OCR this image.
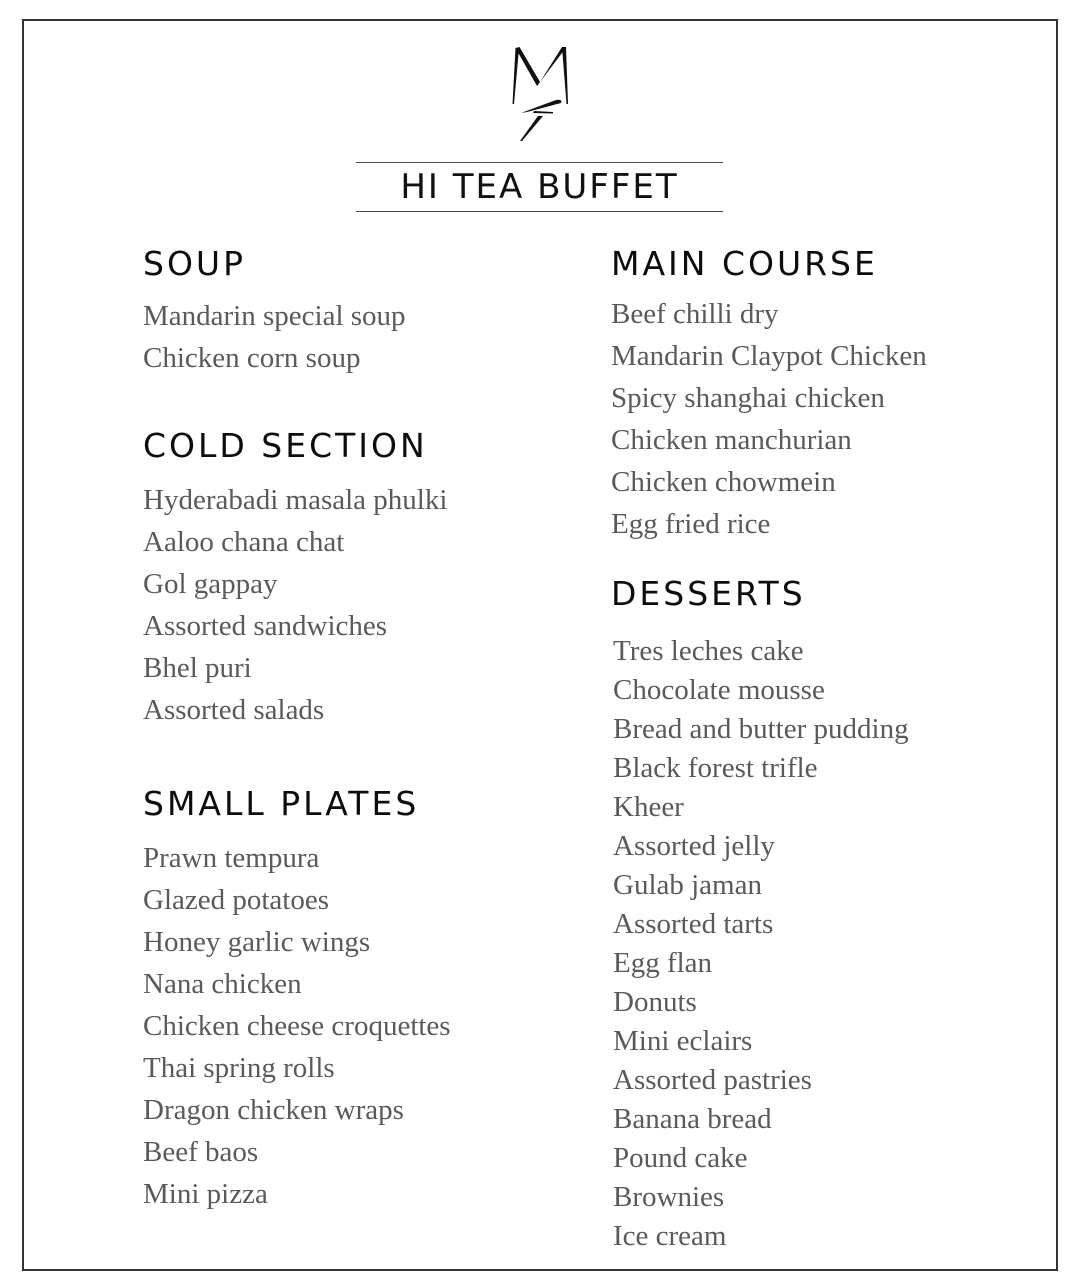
HI TEA BUFFET
SOUP
Mandarin special soup
Chicken corn soup
COLD SECTION
Hyderabadi masala phulki
Aaloo chana chat
Gol gappay
Assorted sandwiches
Bhel puri
Assorted salads
SMALL PLATES
Prawn tempura
Glazed potatoes
Honey garlic wings
Nana chicken
Chicken cheese croquettes
Thai spring rolls
Dragon chicken wraps
Beef baos
Mini pizza
MAIN COURSE
Beef chilli dry
Mandarin Claypot Chicken
Spicy shanghai chicken
Chicken manchurian
Chicken chowmein
Egg fried rice
DESSERTS
Tres leches cake
Chocolate mousse
Bread and butter pudding
Black forest trifle
Kheer
Assorted jelly
Gulab jaman
Assorted tarts
Egg flan
Donuts
Mini eclairs
Assorted pastries
Banana bread
Pound cake
Brownies
Ice cream
